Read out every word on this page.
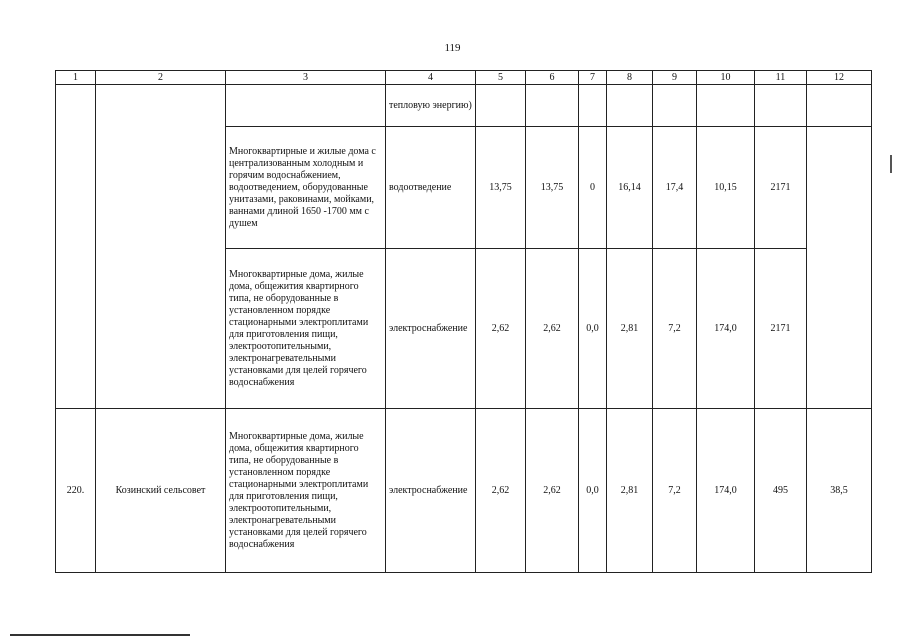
119
1	2	3	4	5	6	7	8	9	10	11	12
			тепловую энергию)								
		Многоквартирные и жилые дома с централизованным холодным и горячим водоснабжением, водоотведением, оборудованные унитазами, раковинами, мойками, ваннами длиной 1650 -1700 мм с душем	водоотведение	13,75	13,75	0	16,14	17,4	10,15	2171	
		Многоквартирные дома, жилые дома, общежития квартирного типа, не оборудованные в установленном порядке стационарными электроплитами для приготовления пищи, электроотопительными, электронагревательными установками для целей горячего водоснабжения	электроснабжение	2,62	2,62	0,0	2,81	7,2	174,0	2171	
220.	Козинский сельсовет	Многоквартирные дома, жилые дома, общежития квартирного типа, не оборудованные в установленном порядке стационарными электроплитами для приготовления пищи, электроотопительными, электронагревательными установками для целей горячего водоснабжения	электроснабжение	2,62	2,62	0,0	2,81	7,2	174,0	495	38,5
